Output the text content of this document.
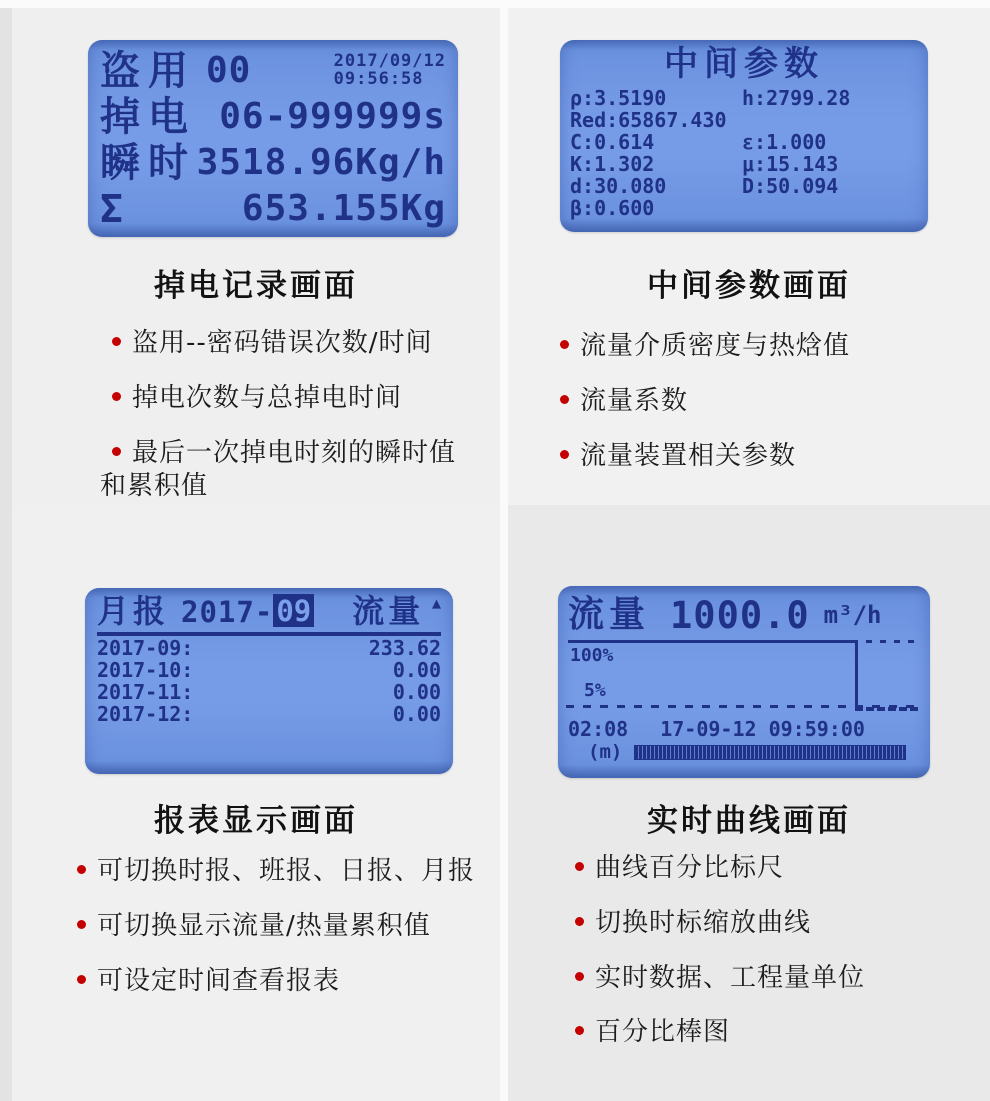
盗用 00	2017/09/12
09:56:58
掉电 06-999999s
瞬时 3518.96Kg/h
Σ	653.155Kg
掉电记录画面
盗用--密码错误次数/时间
掉电次数与总掉电时间
最后一次掉电时刻的瞬时值和累积值
中间参数
ρ:3.5190	h:2799.28
Red:65867.430
C:0.614	ε:1.000
K:1.302	μ:15.143
d:30.080	D:50.094
β:0.600
中间参数画面
流量介质密度与热焓值
流量系数
流量装置相关参数
月报 2017- 09 流量 ▲
2017-09:	233.62
2017-10:	0.00
2017-11:	0.00
2017-12:	0.00
报表显示画面
可切换时报、班报、日报、月报
可切换显示流量/热量累积值
可设定时间查看报表
流量 1000.0 m³/h
100%
5%
02:08 17-09-12 09:59:00
(m)
实时曲线画面
曲线百分比标尺
切换时标缩放曲线
实时数据、工程量单位
百分比棒图
